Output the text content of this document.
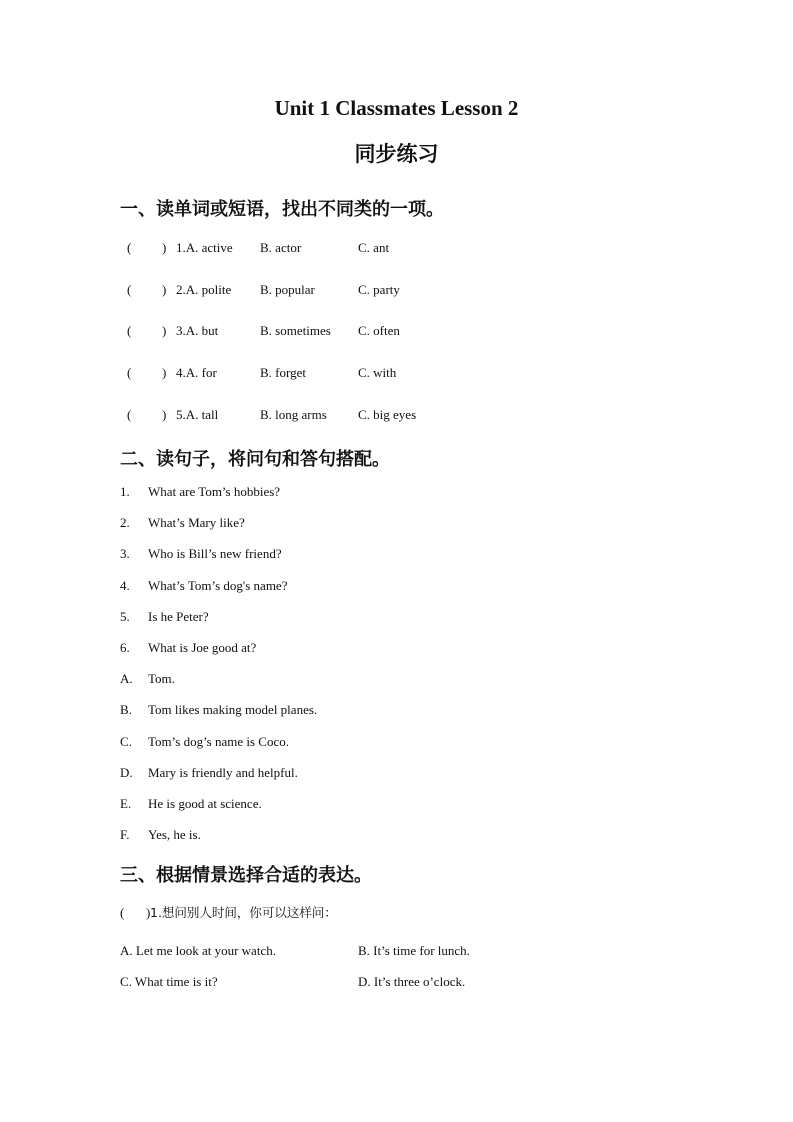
Unit 1 Classmates Lesson 2
同步练习
一、读单词或短语，找出不同类的一项。
( ) 1.A. active B. actor	C. ant
( ) 2.A. polite B. popular	C. party
( ) 3.A. but	B. sometimes C. often
( ) 4.A. for	B. forget	C. with
( ) 5.A. tall	B. long arms C. big eyes
二、读句子，将问句和答句搭配。
1. What are Tom’s hobbies?
2. What’s Mary like?
3. Who is Bill’s new friend?
4. What’s Tom’s dog's name?
5. Is he Peter?
6. What is Joe good at?
A. Tom.
B. Tom likes making model planes.
C. Tom’s dog’s name is Coco.
D. Mary is friendly and helpful.
E. He is good at science.
F. Yes, he is.
三、根据情景选择合适的表达。
( ) 1.想问别人时间，你可以这样问：
A. Let me look at your watch.	B. It’s time for lunch.
C. What time is it?	D. It’s three o’clock.
